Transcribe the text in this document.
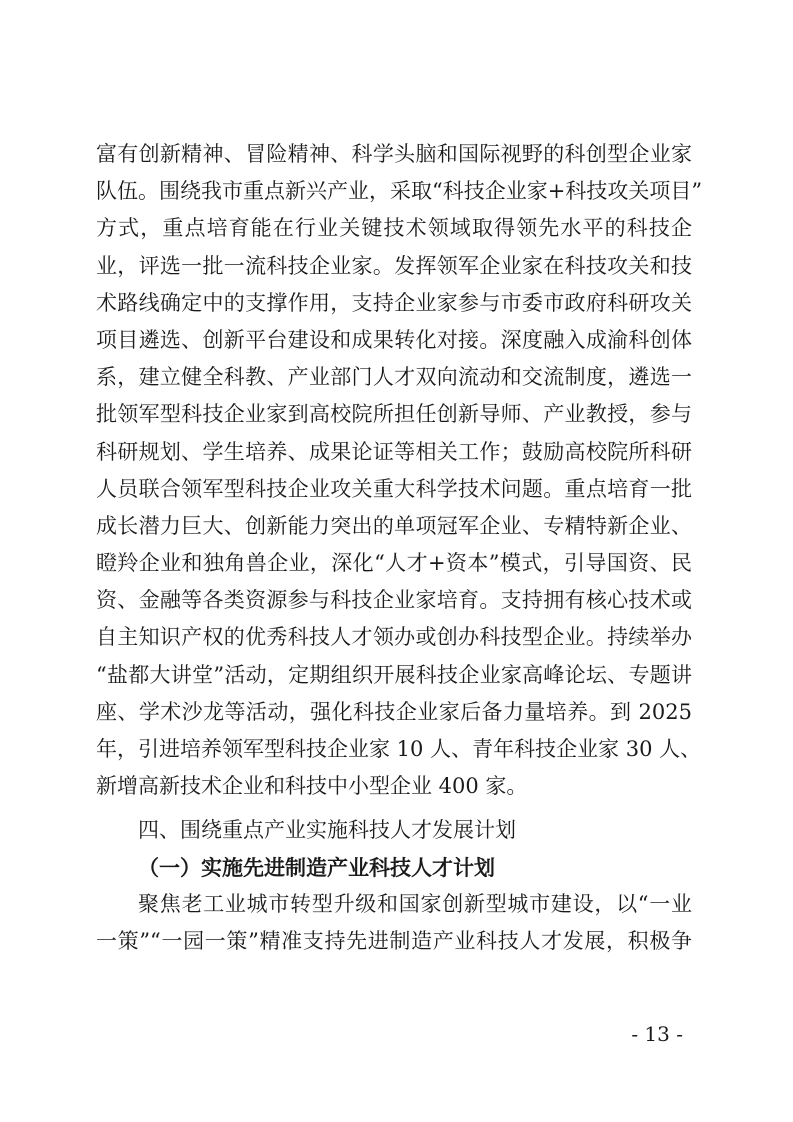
富有创新精神、冒险精神、科学头脑和国际视野的科创型企业家
队伍。围绕我市重点新兴产业，采取“科技企业家+科技攻关项目”
方式，重点培育能在行业关键技术领域取得领先水平的科技企
业，评选一批一流科技企业家。发挥领军企业家在科技攻关和技
术路线确定中的支撑作用，支持企业家参与市委市政府科研攻关
项目遴选、创新平台建设和成果转化对接。深度融入成渝科创体
系，建立健全科教、产业部门人才双向流动和交流制度，遴选一
批领军型科技企业家到高校院所担任创新导师、产业教授，参与
科研规划、学生培养、成果论证等相关工作；鼓励高校院所科研
人员联合领军型科技企业攻关重大科学技术问题。重点培育一批
成长潜力巨大、创新能力突出的单项冠军企业、专精特新企业、
瞪羚企业和独角兽企业，深化“人才+资本”模式，引导国资、民
资、金融等各类资源参与科技企业家培育。支持拥有核心技术或
自主知识产权的优秀科技人才领办或创办科技型企业。持续举办
“盐都大讲堂”活动，定期组织开展科技企业家高峰论坛、专题讲
座、学术沙龙等活动，强化科技企业家后备力量培养。到 2025
年，引进培养领军型科技企业家 10 人、青年科技企业家 30 人、
新增高新技术企业和科技中小型企业 400 家。
四、围绕重点产业实施科技人才发展计划
（一）实施先进制造产业科技人才计划
聚焦老工业城市转型升级和国家创新型城市建设，以“一业
一策”“一园一策”精准支持先进制造产业科技人才发展，积极争
- 13 -
